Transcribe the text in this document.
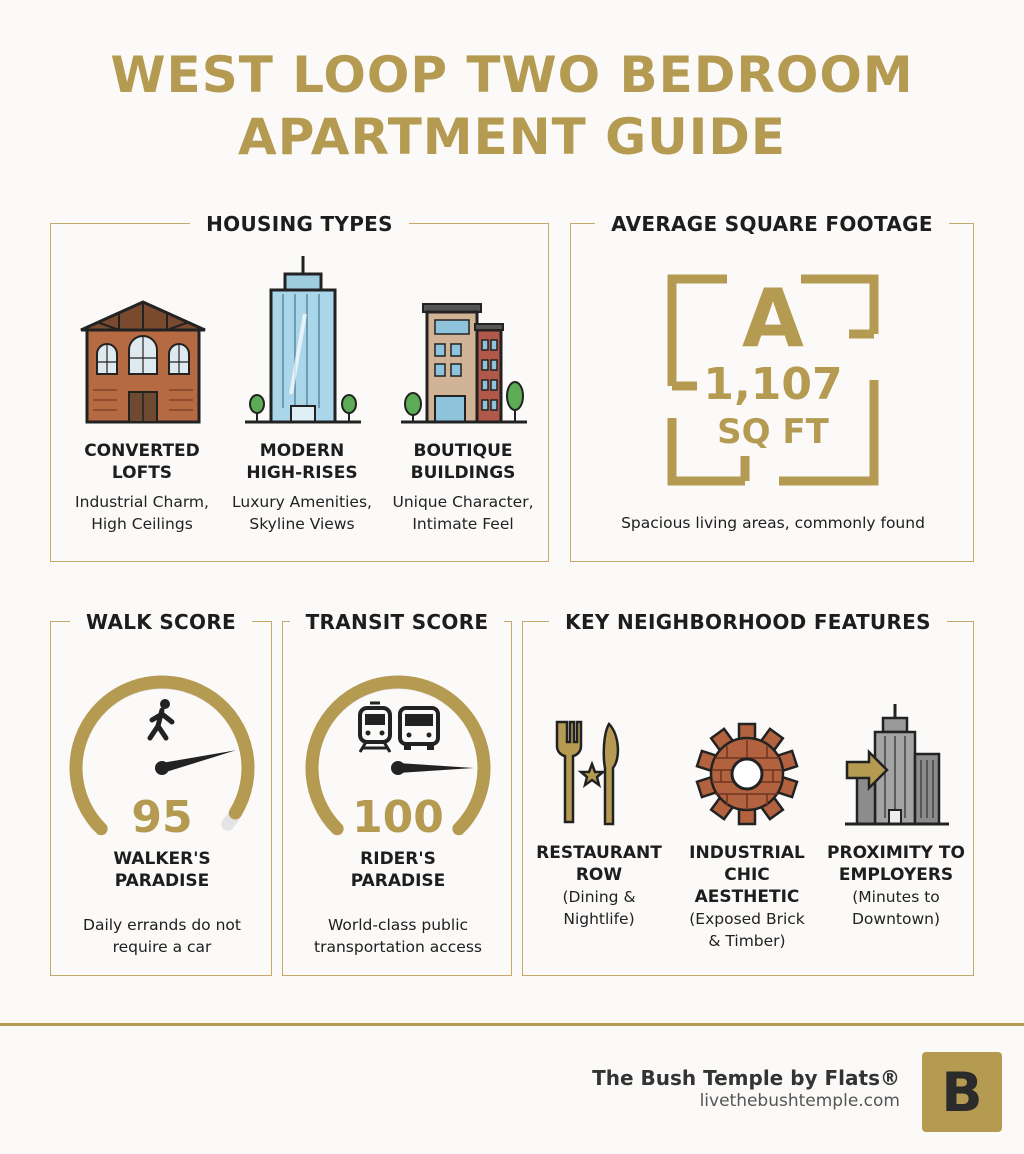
WEST LOOP TWO BEDROOM
APARTMENT GUIDE
HOUSING TYPES
CONVERTED
LOFTS
Industrial Charm,
High Ceilings
MODERN
HIGH-RISES
Luxury Amenities,
Skyline Views
BOUTIQUE
BUILDINGS
Unique Character,
Intimate Feel
AVERAGE SQUARE FOOTAGE
A
1,107
SQ FT
Spacious living areas, commonly found
WALK SCORE
95
WALKER'S
PARADISE
Daily errands do not
require a car
TRANSIT SCORE
100
RIDER'S
PARADISE
World-class public
transportation access
KEY NEIGHBORHOOD FEATURES
RESTAURANT
ROW
(Dining &
Nightlife)
INDUSTRIAL
CHIC
AESTHETIC
(Exposed Brick
& Timber)
PROXIMITY TO
EMPLOYERS
(Minutes to
Downtown)
The Bush Temple by Flats®
livethebushtemple.com B
